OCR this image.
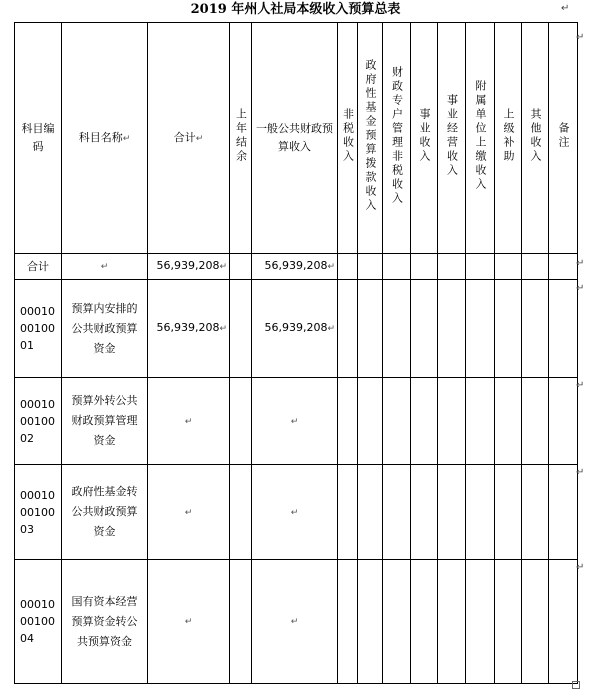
2019 年州人社局本级收入预算总表
科目编码	科目名称↵	合计↵	上年结余	一般公共财政预算收入	非税收入	政府性基金预算拨款收入	财政专户管理非税收入	事业收入	事业经营收入	附属单位上缴收入	上级补助	其他收入	备注
合计	↵	56,939,208↵		56,939,208↵									
00010 00100 01	预算内安排的公共财政预算资金	56,939,208↵		56,939,208↵									
00010 00100 02	预算外转公共财政预算管理资金	↵		↵									
00010 00100 03	政府性基金转公共财政预算资金	↵		↵									
00010 00100 04	国有资本经营预算资金转公共预算资金	↵		↵									
↵
↵
↵
↵
↵
↵
↵
